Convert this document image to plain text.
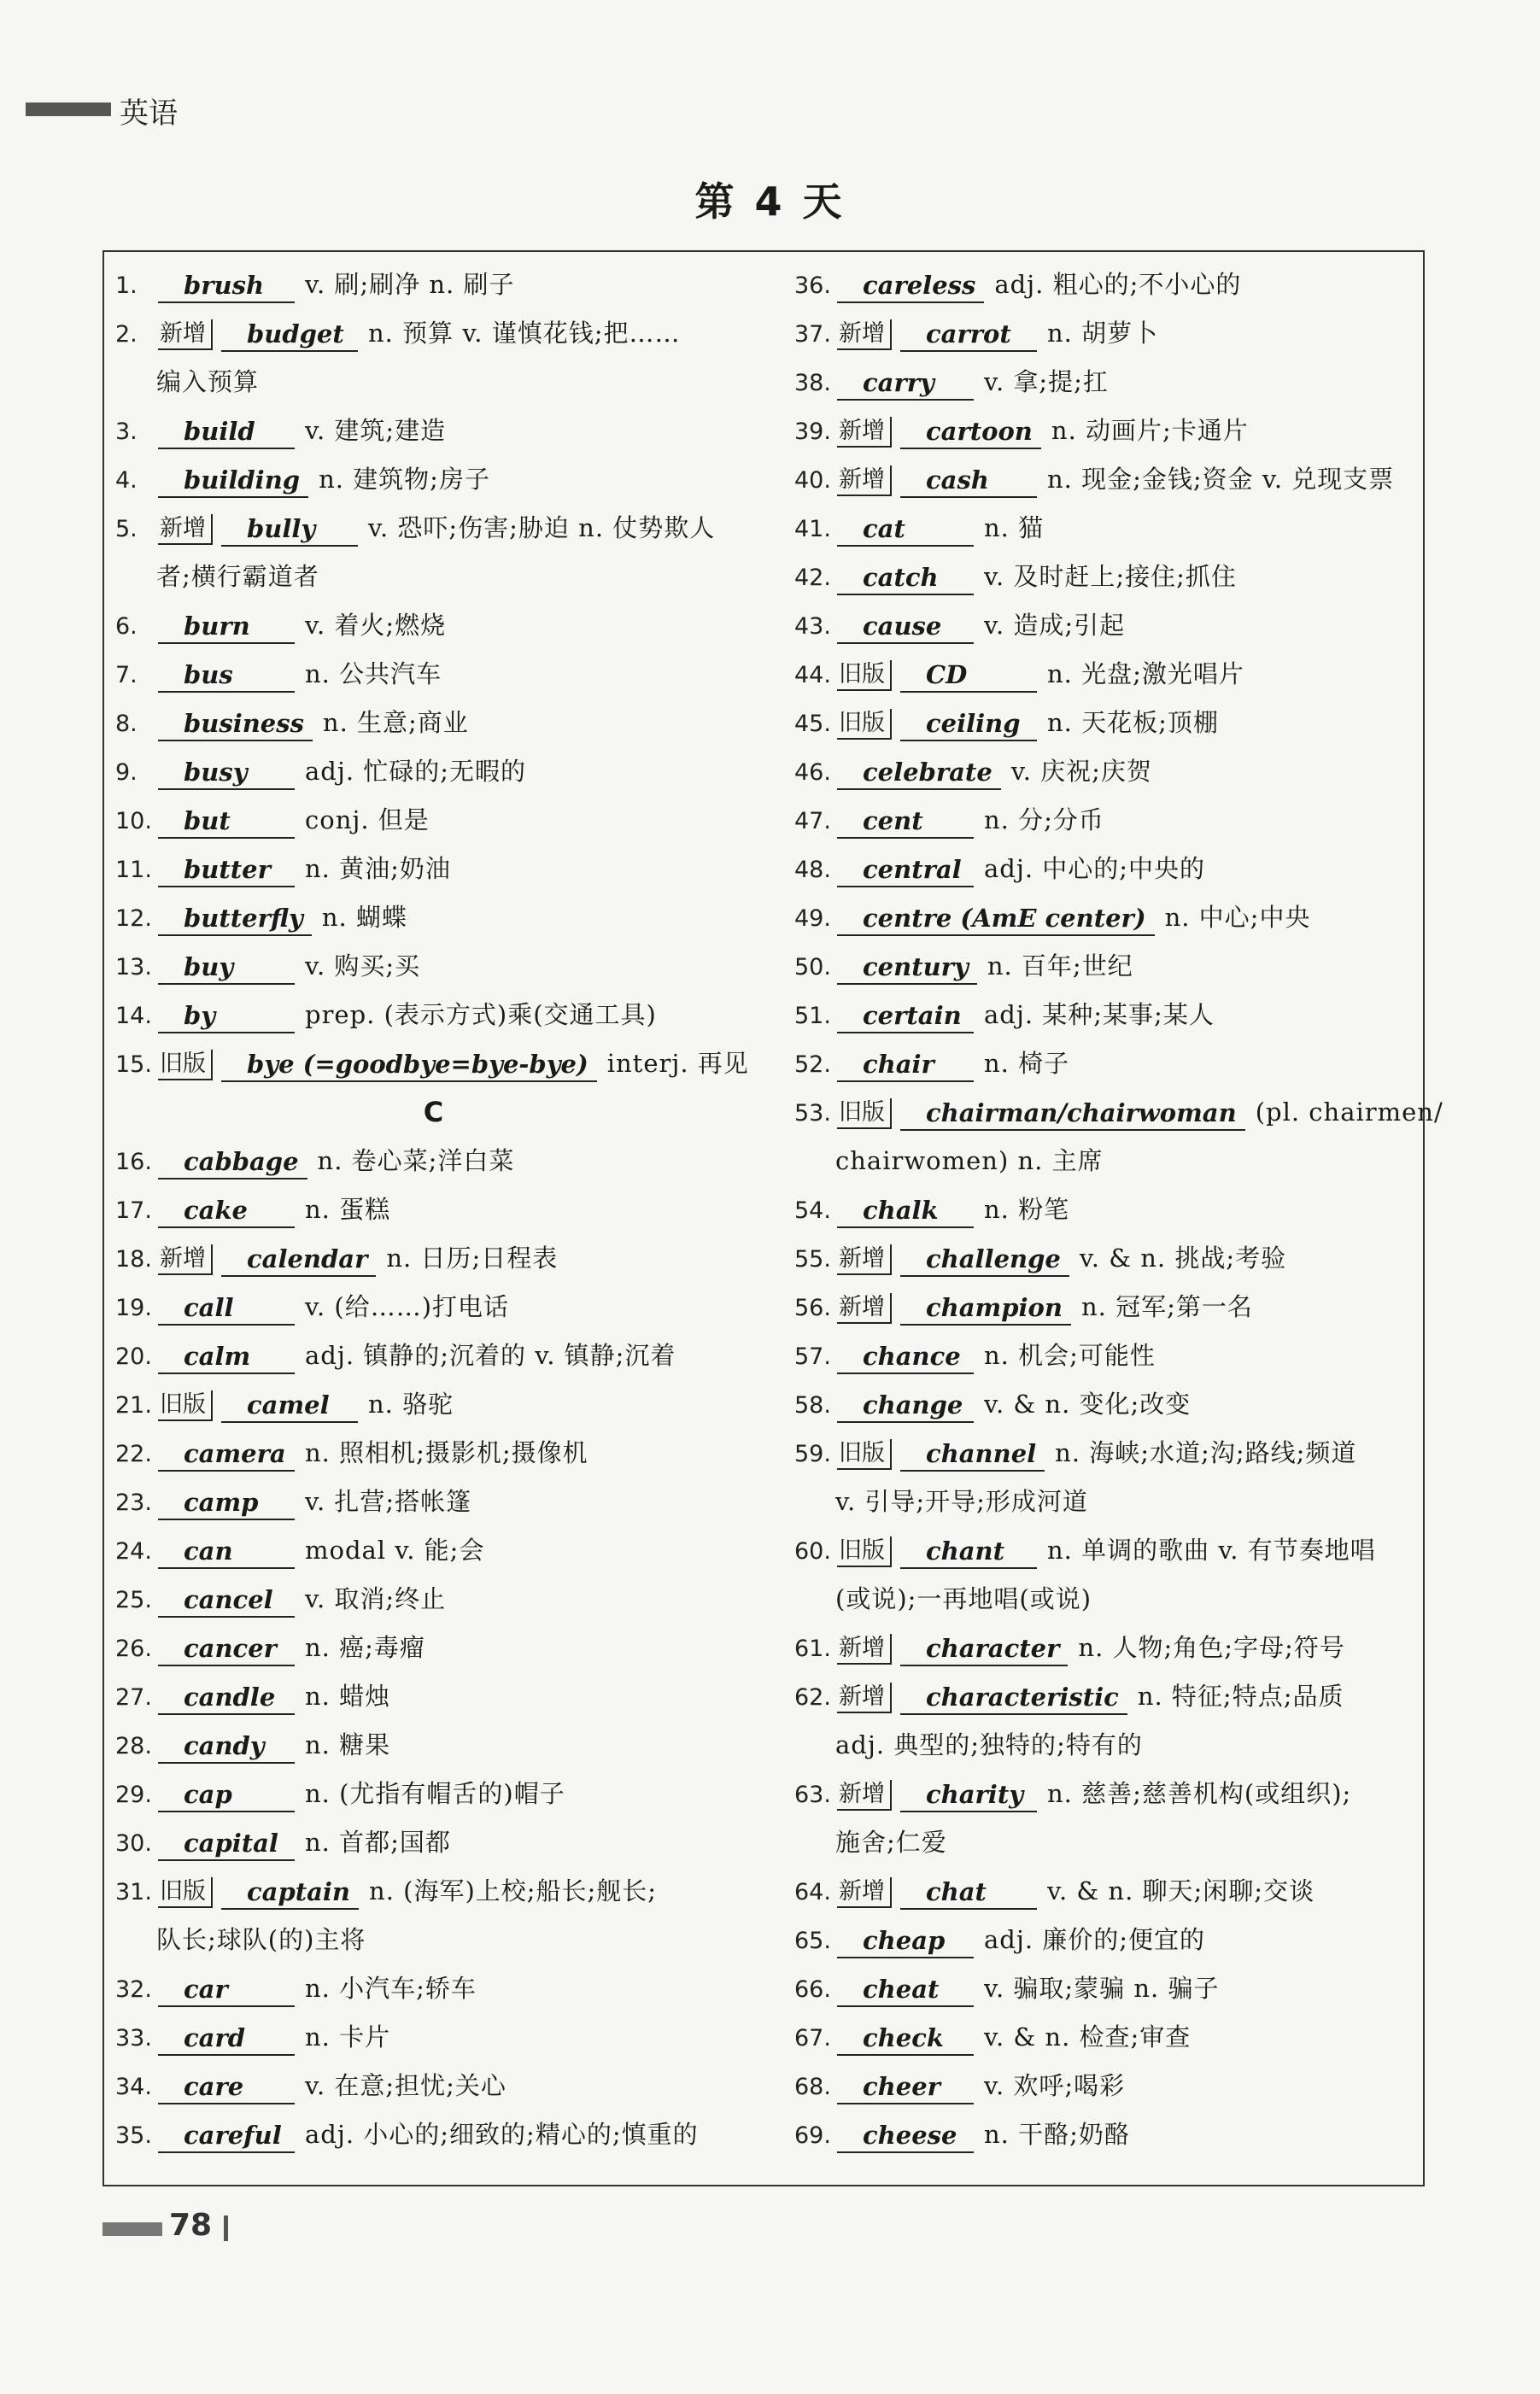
英语
第 4 天
1. brush v. 刷;刷净 n. 刷子
2. 新增 budget n. 预算 v. 谨慎花钱;把……
编入预算
3. build v. 建筑;建造
4. building n. 建筑物;房子
5. 新增 bully v. 恐吓;伤害;胁迫 n. 仗势欺人
者;横行霸道者
6. burn v. 着火;燃烧
7. bus	n. 公共汽车
8. business n. 生意;商业
9. busy adj. 忙碌的;无暇的
10. but	conj. 但是
11. butter n. 黄油;奶油
12. butterfly n. 蝴蝶
13. buy	v. 购买;买
14. by	prep. (表示方式)乘(交通工具)
15. 旧版 bye (=goodbye=bye-bye) interj. 再见
C
16. cabbage n. 卷心菜;洋白菜
17. cake n. 蛋糕
18. 新增 calendar n. 日历;日程表
19. call	v. (给……)打电话
20. calm adj. 镇静的;沉着的 v. 镇静;沉着
21. 旧版 camel n. 骆驼
22. camera n. 照相机;摄影机;摄像机
23. camp v. 扎营;搭帐篷
24. can	modal v. 能;会
25. cancel v. 取消;终止
26. cancer n. 癌;毒瘤
27. candle n. 蜡烛
28. candy n. 糖果
29. cap	n. (尤指有帽舌的)帽子
30. capital n. 首都;国都
31. 旧版 captain n. (海军)上校;船长;舰长;
队长;球队(的)主将
32. car	n. 小汽车;轿车
33. card n. 卡片
34. care v. 在意;担忧;关心
35. careful adj. 小心的;细致的;精心的;慎重的
36. careless adj. 粗心的;不小心的
37. 新增 carrot n. 胡萝卜
38. carry v. 拿;提;扛
39. 新增 cartoon n. 动画片;卡通片
40. 新增 cash n. 现金;金钱;资金 v. 兑现支票
41. cat	n. 猫
42. catch v. 及时赶上;接住;抓住
43. cause v. 造成;引起
44. 旧版 CD	n. 光盘;激光唱片
45. 旧版 ceiling n. 天花板;顶棚
46. celebrate v. 庆祝;庆贺
47. cent n. 分;分币
48. central adj. 中心的;中央的
49. centre (AmE center) n. 中心;中央
50. century n. 百年;世纪
51. certain adj. 某种;某事;某人
52. chair n. 椅子
53. 旧版 chairman/chairwoman (pl. chairmen/
chairwomen) n. 主席
54. chalk n. 粉笔
55. 新增 challenge v. & n. 挑战;考验
56. 新增 champion n. 冠军;第一名
57. chance n. 机会;可能性
58. change v. & n. 变化;改变
59. 旧版 channel n. 海峡;水道;沟;路线;频道
v. 引导;开导;形成河道
60. 旧版 chant n. 单调的歌曲 v. 有节奏地唱
(或说);一再地唱(或说)
61. 新增 character n. 人物;角色;字母;符号
62. 新增 characteristic n. 特征;特点;品质
adj. 典型的;独特的;特有的
63. 新增 charity n. 慈善;慈善机构(或组织);
施舍;仁爱
64. 新增 chat v. & n. 聊天;闲聊;交谈
65. cheap adj. 廉价的;便宜的
66. cheat v. 骗取;蒙骗 n. 骗子
67. check v. & n. 检查;审查
68. cheer v. 欢呼;喝彩
69. cheese n. 干酪;奶酪
78
